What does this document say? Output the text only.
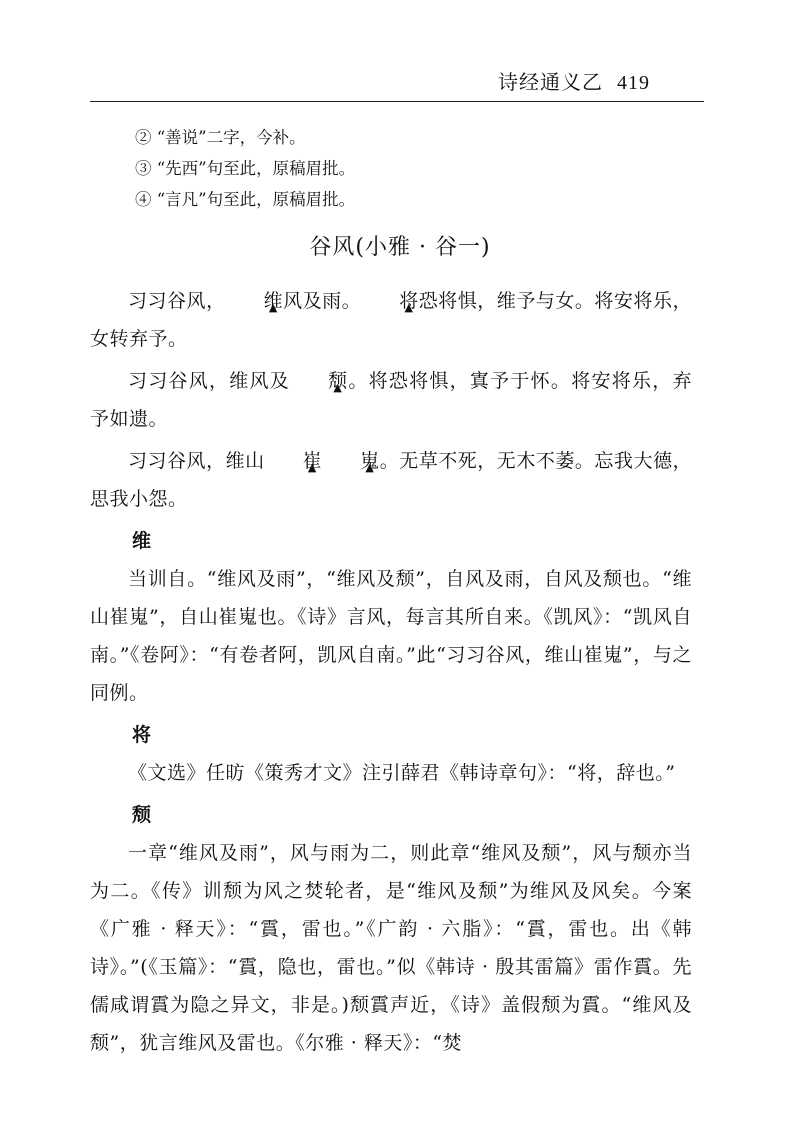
诗经通义乙 419
② “善说”二字，今补。
③ “先西”句至此，原稿眉批。
④ “言凡”句至此，原稿眉批。
谷风(小雅 · 谷一)

习习谷风， 维 ▲风及雨。 将 ▲恐将惧，维予与女。将安将乐，女转弃予。

习习谷风，维风及 颓 ▲。将恐将惧，寘予于怀。将安将乐，弃予如遗。

习习谷风，维山 崔 ▲ 嵬 ▲。无草不死，无木不萎。忘我大德，思我小怨。

维

当训自。“维风及雨”，“维风及颓”，自风及雨，自风及颓也。“维山崔嵬”，自山崔嵬也。《诗》言风，每言其所自来。《凯风》：“凯风自南。”《卷阿》：“有卷者阿，凯风自南。”此“习习谷风，维山崔嵬”，与之同例。

将

《文选》任昉《策秀才文》注引薛君《韩诗章句》：“将，辞也。”

颓

一章“维风及雨”，风与雨为二，则此章“维风及颓”，风与颓亦当为二。《传》训颓为风之焚轮者，是“维风及颓”为维风及风矣。今案《广雅 · 释天》：“霣，雷也。”《广韵 · 六脂》：“霣，雷也。出《韩诗》。”(《玉篇》：“霣，隐也，雷也。”似《韩诗 · 殷其雷篇》雷作霣。先儒咸谓霣为隐之异文，非是。)颓霣声近，《诗》盖假颓为霣。“维风及颓”，犹言维风及雷也。《尔雅 · 释天》：“焚
